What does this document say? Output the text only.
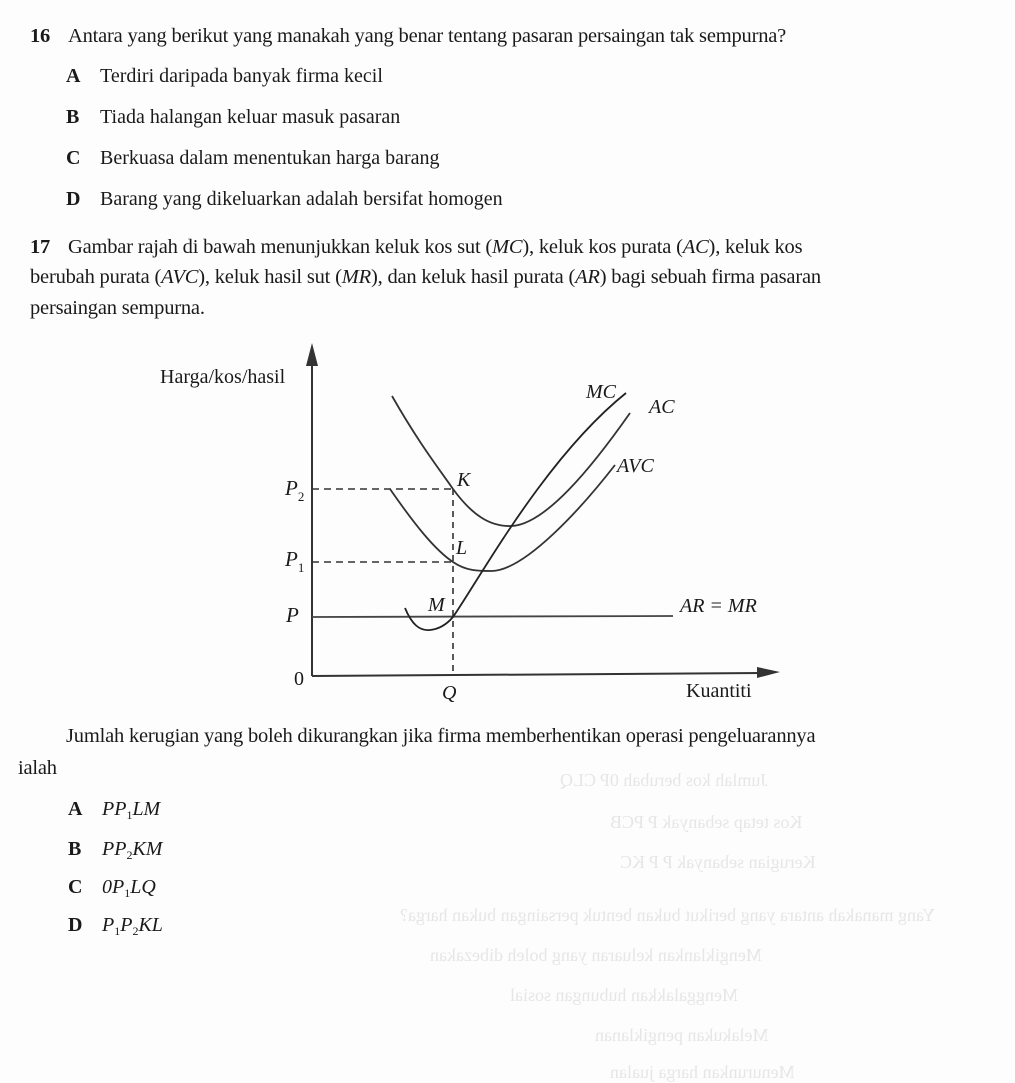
Jumlah kos berubah 0P CLQ
Kos tetap sebanyak P PCB
Kerugian sebanyak P P KC
Yang manakah antara yang berikut bukan bentuk persaingan bukan harga?
Mengiklankan keluaran yang boleh dibezakan
Menggalakkan hubungan sosial
Melakukan pengiklanan
Menurunkan harga jualan
16 Antara yang berikut yang manakah yang benar tentang pasaran persaingan tak sempurna?
A Terdiri daripada banyak firma kecil
B Tiada halangan keluar masuk pasaran
C Berkuasa dalam menentukan harga barang
D Barang yang dikeluarkan adalah bersifat homogen
17 Gambar rajah di bawah menunjukkan keluk kos sut (MC), keluk kos purata (AC), keluk kos
berubah purata (AVC), keluk hasil sut (MR), dan keluk hasil purata (AR) bagi sebuah firma pasaran
persaingan sempurna.
Harga/kos/hasil
Kuantiti
0
Q
$P_2$
$P_1$
P
MC
AC
AVC
AR = MR
K
L
M
Jumlah kerugian yang boleh dikurangkan jika firma memberhentikan operasi pengeluarannya
ialah
A $PP_1LM$
B $PP_2KM$
C $0P_1LQ$
D $P_1P_2KL$
